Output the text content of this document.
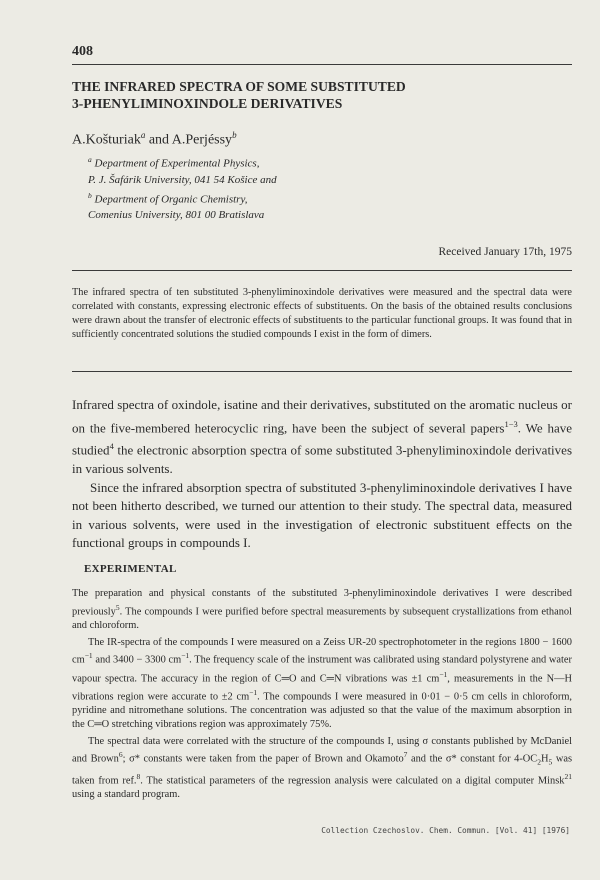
408
THE INFRARED SPECTRA OF SOME SUBSTITUTED
3-PHENYLIMINOXINDOLE DERIVATIVES
A.Košturiak$^a$ and A.Perjéssy$^b$
$^a$ Department of Experimental Physics,
P. J. Šafárik University, 041 54 Košice and
$^b$ Department of Organic Chemistry,
Comenius University, 801 00 Bratislava
Received January 17th, 1975
The infrared spectra of ten substituted 3-phenyliminoxindole derivatives were measured and the spectral data were correlated with constants, expressing electronic effects of substituents. On the basis of the obtained results conclusions were drawn about the transfer of electronic effects of substituents to the particular functional groups. It was found that in sufficiently concentrated solutions the studied compounds I exist in the form of dimers.

Infrared spectra of oxindole, isatine and their derivatives, substituted on the aromatic nucleus or on the five-membered heterocyclic ring, have been the subject of several papers$^{1-3}$. We have studied$^4$ the electronic absorption spectra of some substituted 3-phenyliminoxindole derivatives in various solvents.

Since the infrared absorption spectra of substituted 3-phenyliminoxindole derivatives I have not been hitherto described, we turned our attention to their study. The spectral data, measured in various solvents, were used in the investigation of electronic substituent effects on the functional groups in compounds I.

EXPERIMENTAL

The preparation and physical constants of the substituted 3-phenyliminoxindole derivatives I were described previously$^5$. The compounds I were purified before spectral measurements by subsequent crystallizations from ethanol and chloroform.

The IR-spectra of the compounds I were measured on a Zeiss UR-20 spectrophotometer in the regions 1800 − 1600 $cm^{-1}$ and 3400 − 3300 $cm^{-1}$. The frequency scale of the instrument was calibrated using standard polystyrene and water vapour spectra. The accuracy in the region of C═O and C═N vibrations was ±1 $cm^{-1}$, measurements in the N—H vibrations region were accurate to ±2 $cm^{-1}$. The compounds I were measured in 0·01 − 0·5 cm cells in chloroform, pyridine and nitromethane solutions. The concentration was adjusted so that the value of the maximum absorption in the C═O stretching vibrations region was approximately 75%.

The spectral data were correlated with the structure of the compounds I, using σ constants published by McDaniel and Brown$^6$; σ* constants were taken from the paper of Brown and Okamoto$^7$ and the σ* constant for $4-OC_2H_5$ was taken from ref.$^8$. The statistical parameters of the regression analysis were calculated on a digital computer Minsk$^{21}$ using a standard program.

Collection Czechoslov. Chem. Commun. [Vol. 41] [1976]
